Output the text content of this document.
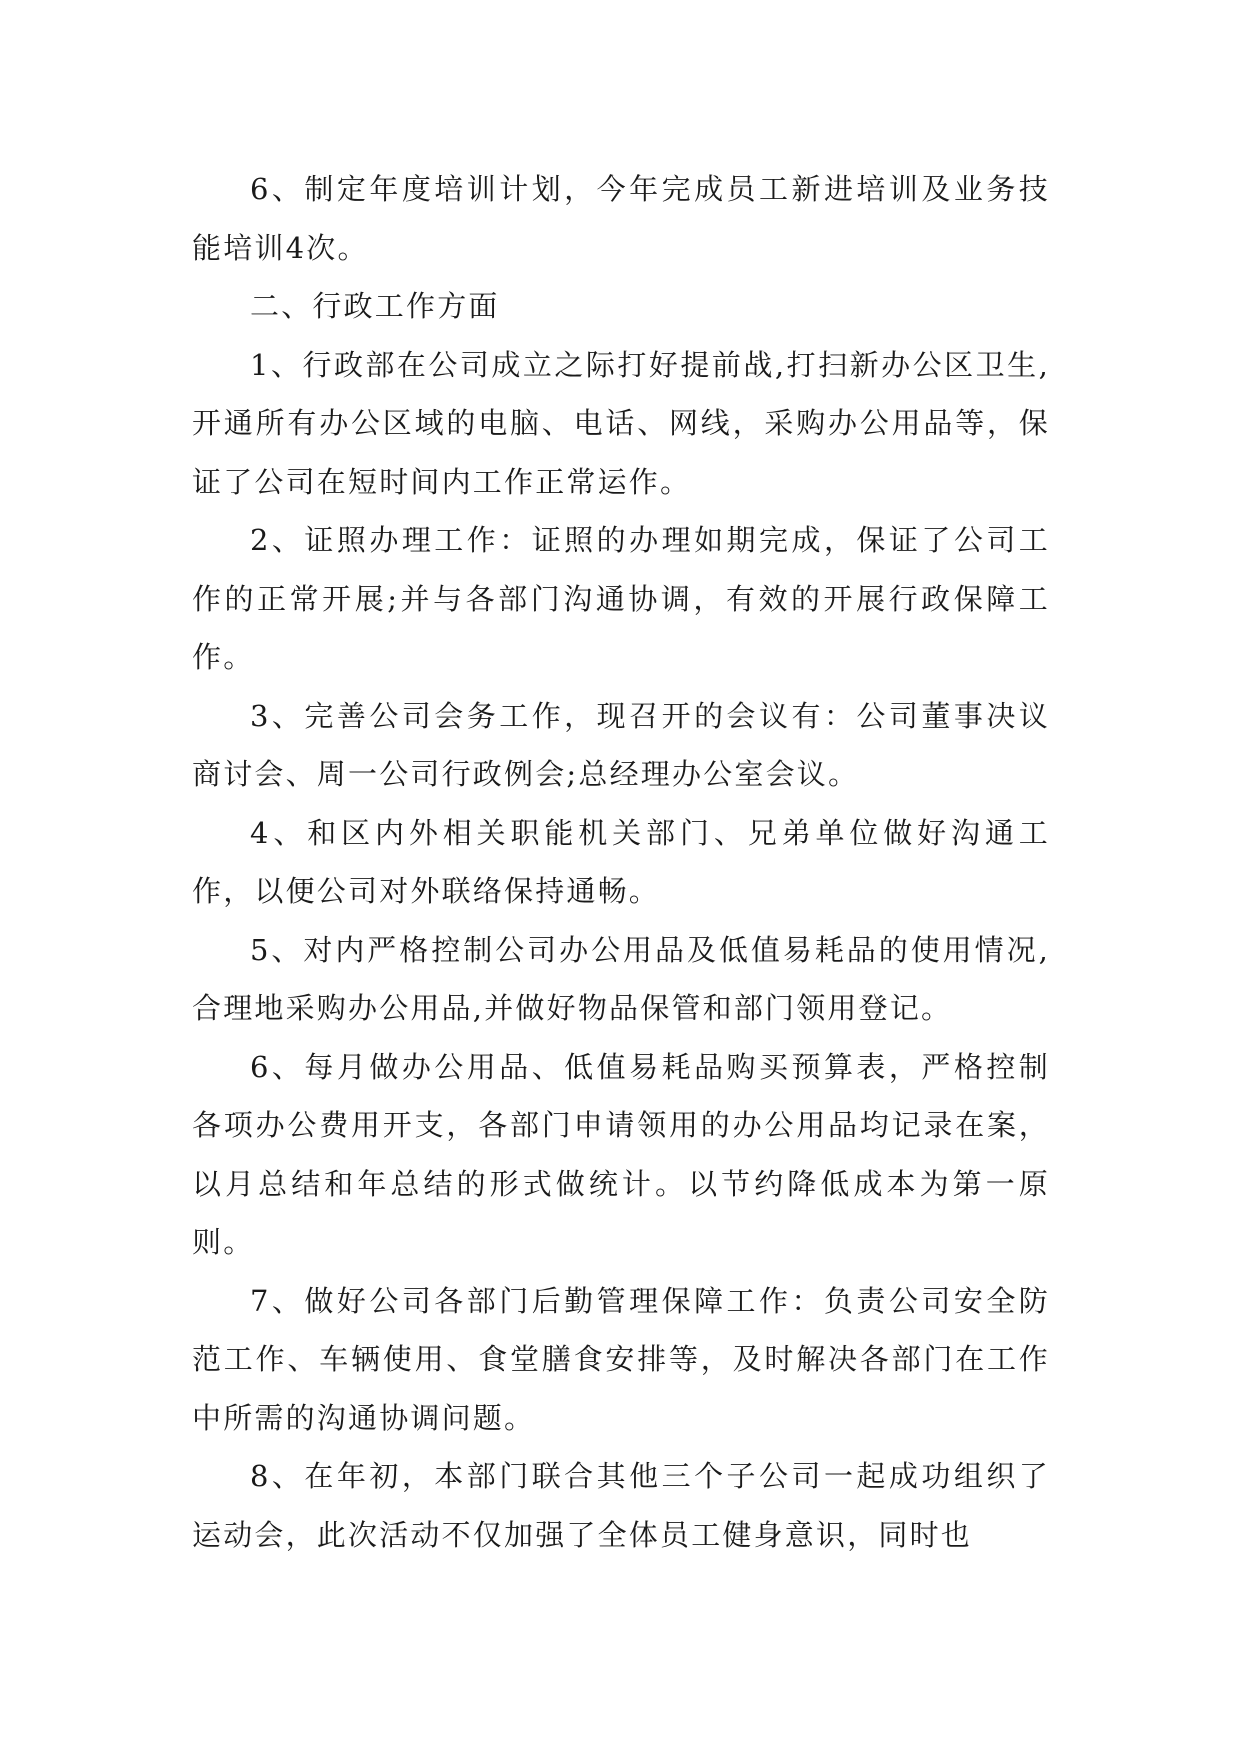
6、制定年度培训计划，今年完成员工新进培训及业务技能培训4次。

二、行政工作方面

1、行政部在公司成立之际打好提前战,打扫新办公区卫生,开通所有办公区域的电脑、电话、网线，采购办公用品等，保证了公司在短时间内工作正常运作。

2、证照办理工作：证照的办理如期完成，保证了公司工作的正常开展;并与各部门沟通协调，有效的开展行政保障工作。

3、完善公司会务工作，现召开的会议有：公司董事决议商讨会、周一公司行政例会;总经理办公室会议。

4、和区内外相关职能机关部门、兄弟单位做好沟通工作，以便公司对外联络保持通畅。

5、对内严格控制公司办公用品及低值易耗品的使用情况,合理地采购办公用品,并做好物品保管和部门领用登记。

6、每月做办公用品、低值易耗品购买预算表，严格控制各项办公费用开支，各部门申请领用的办公用品均记录在案，以月总结和年总结的形式做统计。以节约降低成本为第一原则。

7、做好公司各部门后勤管理保障工作：负责公司安全防范工作、车辆使用、食堂膳食安排等，及时解决各部门在工作中所需的沟通协调问题。

8、在年初，本部门联合其他三个子公司一起成功组织了运动会，此次活动不仅加强了全体员工健身意识，同时也
